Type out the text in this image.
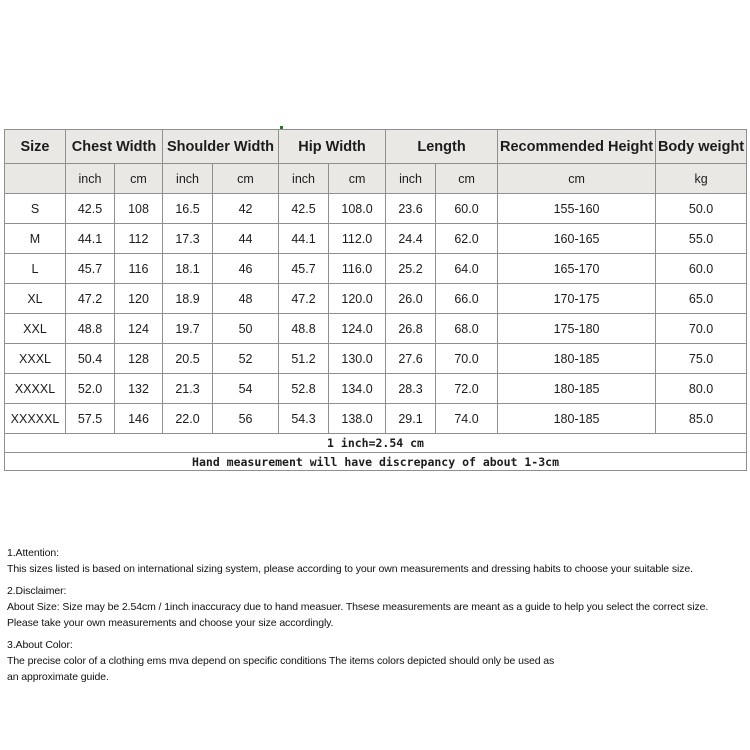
Size	Chest Width		Shoulder Width		Hip Width		Length		Recommended Height	Body weight
	inch	cm	inch	cm	inch	cm	inch	cm	cm	kg
S	42.5	108	16.5	42	42.5	108.0	23.6	60.0	155-160	50.0
M	44.1	112	17.3	44	44.1	112.0	24.4	62.0	160-165	55.0
L	45.7	116	18.1	46	45.7	116.0	25.2	64.0	165-170	60.0
XL	47.2	120	18.9	48	47.2	120.0	26.0	66.0	170-175	65.0
XXL	48.8	124	19.7	50	48.8	124.0	26.8	68.0	175-180	70.0
XXXL	50.4	128	20.5	52	51.2	130.0	27.6	70.0	180-185	75.0
XXXXL	52.0	132	21.3	54	52.8	134.0	28.3	72.0	180-185	80.0
XXXXXL	57.5	146	22.0	56	54.3	138.0	29.1	74.0	180-185	85.0
1 inch=2.54 cm										
Hand measurement will have discrepancy of about 1-3cm										
1.Attention:
This sizes listed is based on international sizing system, please according to your own measurements and dressing habits to choose your suitable size.
2.Disclaimer:
About Size: Size may be 2.54cm / 1inch inaccuracy due to hand measuer. Thsese measurements are meant as a guide to help you select the correct size.
Please take your own measurements and choose your size accordingly.
3.About Color:
The precise color of a clothing ems mva depend on specific conditions The items colors depicted should only be used as
an approximate guide.
